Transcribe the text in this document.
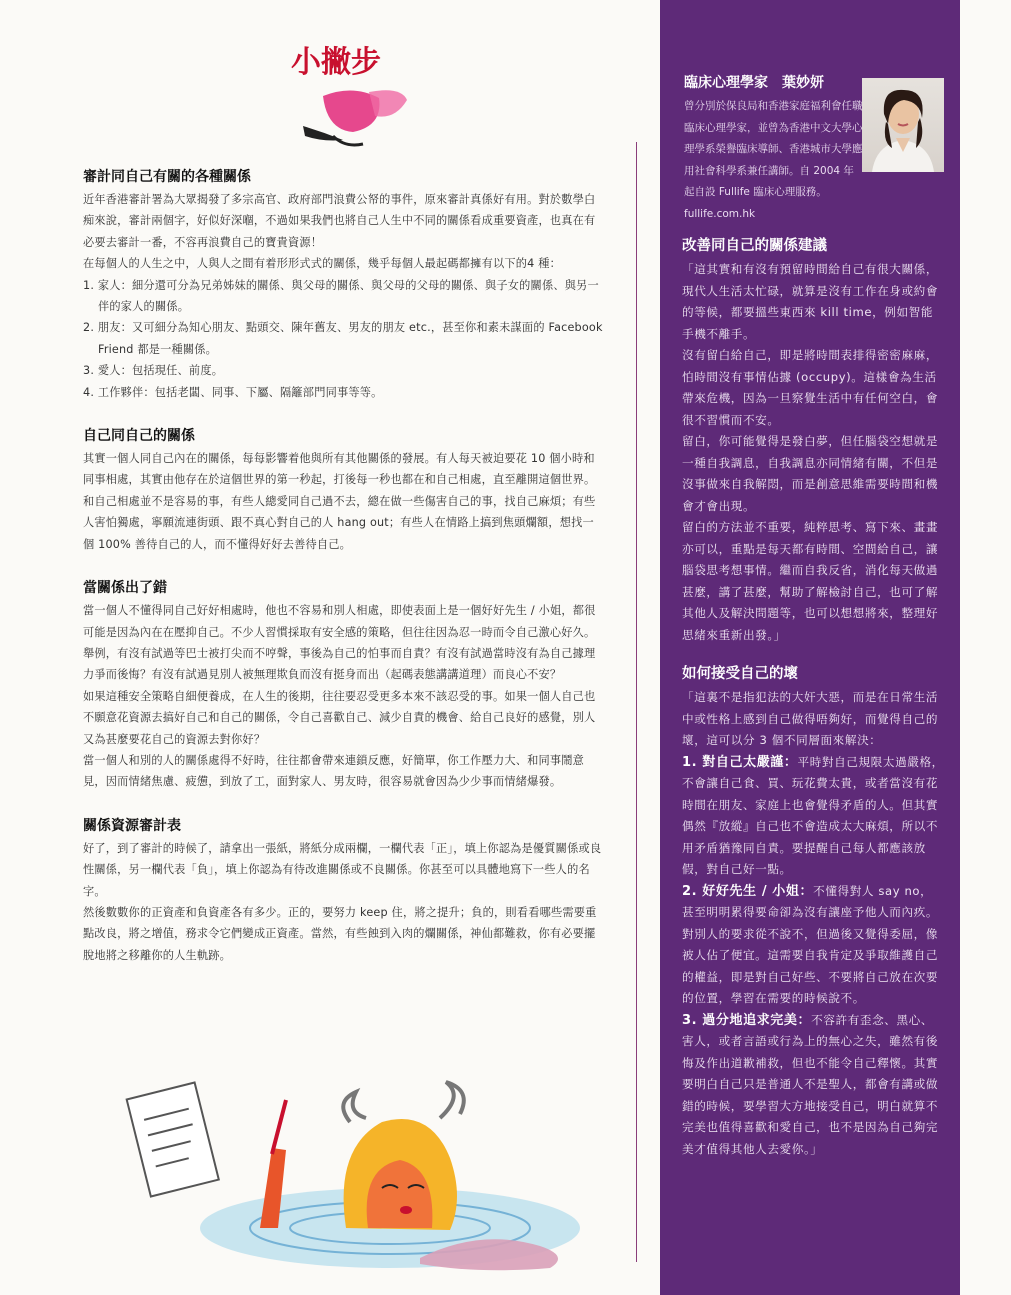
小撇步

審計同自己有關的各種關係

近年香港審計署為大眾揭發了多宗高官、政府部門浪費公帑的事件，原來審計真係好有用。對於數學白痴來說，審計兩個字，好似好深嗰，不過如果我們也將自己人生中不同的關係看成重要資產，也真在有必要去審計一番，不容再浪費自己的寶貴資源！

在每個人的人生之中，人與人之間有着形形式式的關係，幾乎每個人最起碼都擁有以下的4 種：

1. 家人：細分還可分為兄弟姊妹的關係、與父母的關係、與父母的父母的關係、與子女的關係、與另一伴的家人的關係。

2. 朋友：又可細分為知心朋友、點頭交、陳年舊友、男友的朋友 etc.，甚至你和素未謀面的 Facebook Friend 都是一種關係。

3. 愛人：包括現任、前度。

4. 工作夥伴：包括老闆、同事、下屬、隔籬部門同事等等。

自己同自己的關係

其實一個人同自己內在的關係，每每影響着他與所有其他關係的發展。有人每天被迫要花 10 個小時和同事相處，其實由他存在於這個世界的第一秒起，打後每一秒也都在和自己相處，直至離開這個世界。和自己相處並不是容易的事，有些人總愛同自己過不去，總在做一些傷害自己的事，找自己麻煩；有些人害怕獨處，寧願流連街頭、跟不真心對自己的人 hang out；有些人在情路上搞到焦頭爛額，想找一個 100% 善待自己的人，而不懂得好好去善待自己。

當關係出了錯

當一個人不懂得同自己好好相處時，他也不容易和別人相處，即使表面上是一個好好先生 / 小姐，都很可能是因為內在在壓抑自己。不少人習慣採取有安全感的策略，但往往因為忍一時而令自己激心好久。舉例，有沒有試過等巴士被打尖而不哼聲，事後為自己的怕事而自責？有沒有試過當時沒有為自己據理力爭而後悔？有沒有試過見別人被無理欺負而沒有挺身而出（起碼表態講講道理）而良心不安？

如果這種安全策略自細便養成，在人生的後期，往往要忍受更多本來不該忍受的事。如果一個人自己也不願意花資源去搞好自己和自己的關係，令自己喜歡自己、減少自責的機會、給自己良好的感覺，別人又為甚麼要花自己的資源去對你好？

當一個人和別的人的關係處得不好時，往往都會帶來連鎖反應，好簡單，你工作壓力大、和同事鬧意見，因而情緒焦慮、疲憊，到放了工，面對家人、男友時，很容易就會因為少少事而情緒爆發。

關係資源審計表

好了，到了審計的時候了，請拿出一張紙，將紙分成兩欄，一欄代表「正」，填上你認為是優質關係或良性關係，另一欄代表「負」，填上你認為有待改進關係或不良關係。你甚至可以具體地寫下一些人的名字。

然後數數你的正資產和負資產各有多少。正的，要努力 keep 住，將之提升；負的，則看看哪些需要重點改良，將之增值，務求令它們變成正資產。當然，有些蝕到入肉的爛關係，神仙都難救，你有必要擺脫地將之移離你的人生軌跡。

臨床心理學家　葉妙妍

曾分別於保良局和香港家庭福利會任職臨床心理學家，並曾為香港中文大學心理學系榮譽臨床導師、香港城市大學應用社會科學系兼任講師。自 2004 年起自設 Fullife 臨床心理服務。

fullife.com.hk

改善同自己的關係建議

「這其實和有沒有預留時間給自己有很大關係，現代人生活太忙碌，就算是沒有工作在身或約會的等候，都要搵些東西來 kill time，例如智能手機不離手。

沒有留白給自己，即是將時間表排得密密麻麻，怕時間沒有事情佔據 (occupy)。這樣會為生活帶來危機，因為一旦察覺生活中有任何空白，會很不習慣而不安。

留白，你可能覺得是發白夢，但任腦袋空想就是一種自我調息，自我調息亦同情緒有關，不但是沒事做來自我解悶，而是創意思維需要時間和機會才會出現。

留白的方法並不重要，純粹思考、寫下來、畫畫亦可以，重點是每天都有時間、空間給自己，讓腦袋思考想事情。繼而自我反省，消化每天做過甚麼，講了甚麼，幫助了解檢討自己，也可了解其他人及解決問題等，也可以想想將來，整理好思緒來重新出發。」

如何接受自己的壞

「這裏不是指犯法的大奸大惡，而是在日常生活中或性格上感到自己做得唔夠好，而覺得自己的壞，這可以分 3 個不同層面來解決：

1. 對自己太嚴謹：平時對自己規限太過嚴格，不會讓自己食、買、玩花費太貴，或者當沒有花時間在朋友、家庭上也會覺得矛盾的人。但其實偶然『放縱』自己也不會造成太大麻煩，所以不用矛盾猶豫同自責。要提醒自己每人都應該放假，對自己好一點。

2. 好好先生 / 小姐：不懂得對人 say no，甚至明明累得要命卻為沒有讓座予他人而內疚。對別人的要求從不說不，但過後又覺得委屈，像被人佔了便宜。這需要自我肯定及爭取維護自己的權益，即是對自己好些、不要將自己放在次要的位置，學習在需要的時候說不。

3. 過分地追求完美：不容許有歪念、黑心、害人，或者言語或行為上的無心之失，雖然有後悔及作出道歉補救，但也不能令自己釋懷。其實要明白自己只是普通人不是聖人，都會有講或做錯的時候，要學習大方地接受自己，明白就算不完美也值得喜歡和愛自己，也不是因為自己夠完美才值得其他人去愛你。」
